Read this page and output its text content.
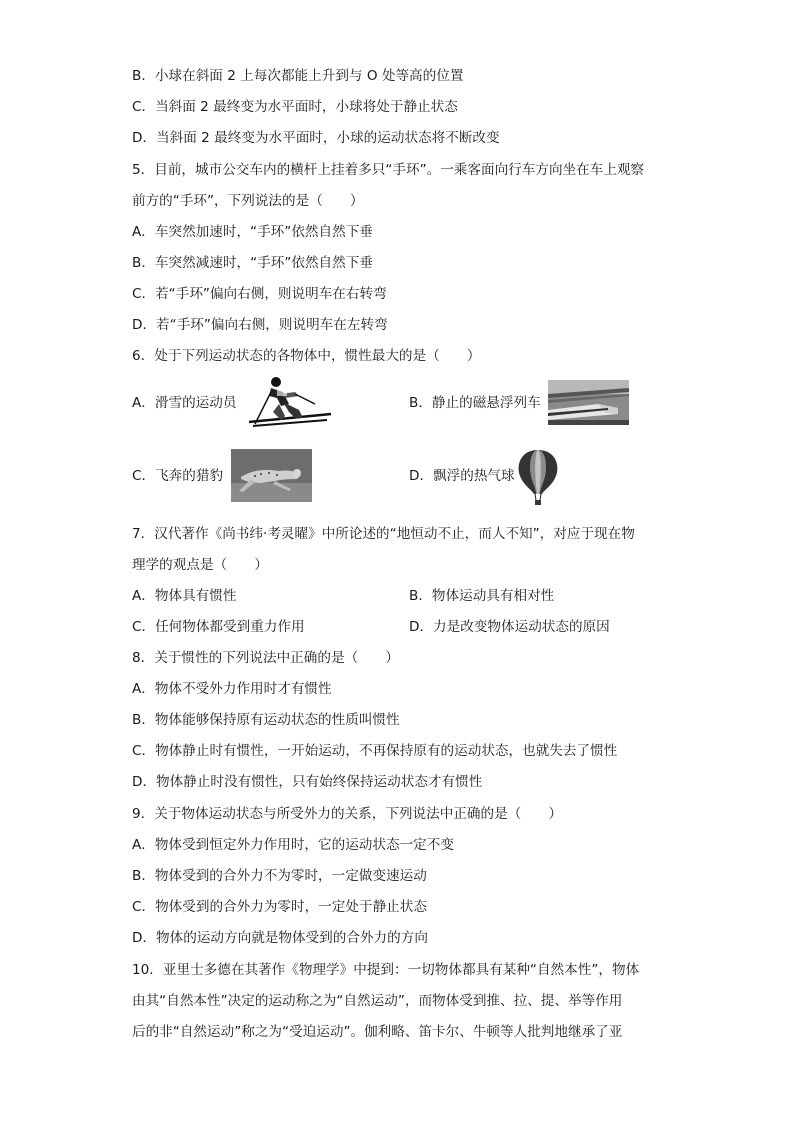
B．小球在斜面 2 上每次都能上升到与 O 处等高的位置
C．当斜面 2 最终变为水平面时，小球将处于静止状态
D．当斜面 2 最终变为水平面时，小球的运动状态将不断改变
5．目前，城市公交车内的横杆上挂着多只“手环”。一乘客面向行车方向坐在车上观察
前方的“手环”，下列说法的是（　　）
A．车突然加速时，“手环”依然自然下垂
B．车突然减速时，“手环”依然自然下垂
C．若“手环”偏向右侧，则说明车在右转弯
D．若“手环”偏向右侧，则说明车在左转弯
6．处于下列运动状态的各物体中，惯性最大的是（　　）
A．滑雪的运动员	B．静止的磁悬浮列车
C．飞奔的猎豹	D．飘浮的热气球
7．汉代著作《尚书纬·考灵曜》中所论述的“地恒动不止，而人不知”，对应于现在物
理学的观点是（　　）
A．物体具有惯性	B．物体运动具有相对性
C．任何物体都受到重力作用	D．力是改变物体运动状态的原因
8．关于惯性的下列说法中正确的是（　　）
A．物体不受外力作用时才有惯性
B．物体能够保持原有运动状态的性质叫惯性
C．物体静止时有惯性，一开始运动，不再保持原有的运动状态，也就失去了惯性
D．物体静止时没有惯性，只有始终保持运动状态才有惯性
9．关于物体运动状态与所受外力的关系，下列说法中正确的是（　　）
A．物体受到恒定外力作用时，它的运动状态一定不变
B．物体受到的合外力不为零时，一定做变速运动
C．物体受到的合外力为零时，一定处于静止状态
D．物体的运动方向就是物体受到的合外力的方向
10．亚里士多德在其著作《物理学》中提到：一切物体都具有某种“自然本性”，物体
由其“自然本性”决定的运动称之为“自然运动”，而物体受到推、拉、提、举等作用
后的非“自然运动”称之为“受迫运动”。伽利略、笛卡尔、牛顿等人批判地继承了亚
